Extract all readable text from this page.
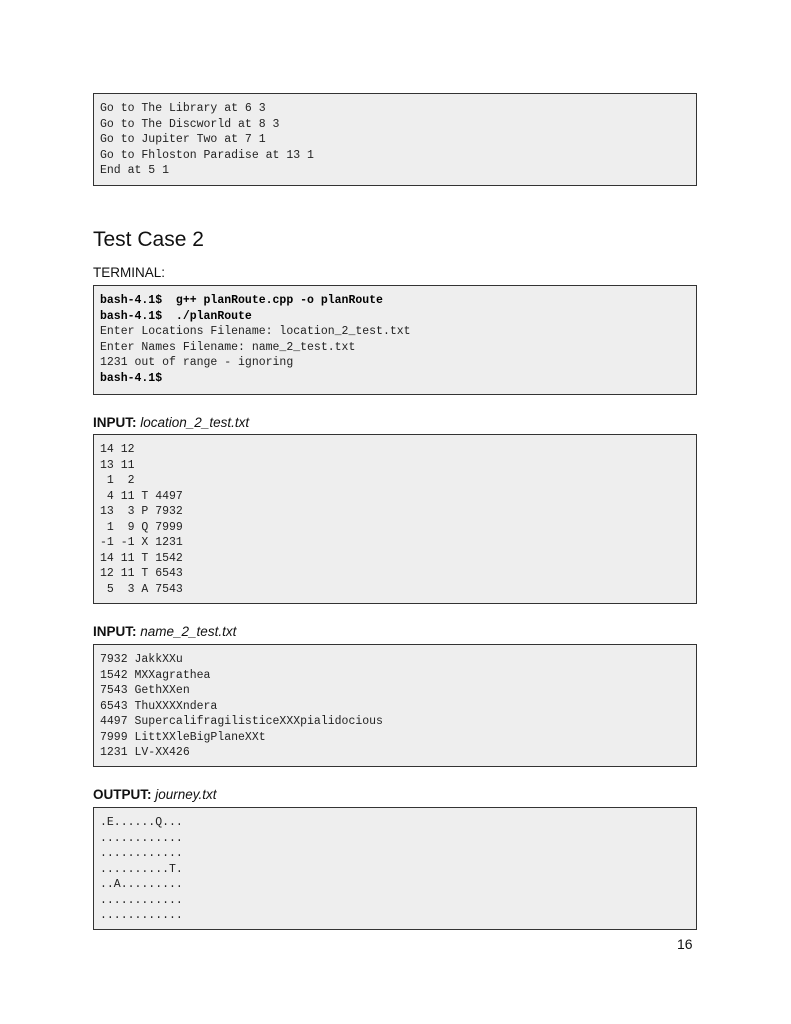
Go to The Library at 6 3
Go to The Discworld at 8 3
Go to Jupiter Two at 7 1
Go to Fhloston Paradise at 13 1
End at 5 1
Test Case 2
TERMINAL:
bash-4.1$  g++ planRoute.cpp -o planRoute
bash-4.1$  ./planRoute
Enter Locations Filename: location_2_test.txt
Enter Names Filename: name_2_test.txt
1231 out of range - ignoring
bash-4.1$
INPUT: location_2_test.txt
14 12
13 11
1  2
4 11 T 4497
13  3 P 7932
1  9 Q 7999
-1 -1 X 1231
14 11 T 1542
12 11 T 6543
5  3 A 7543
INPUT: name_2_test.txt
7932 JakkXXu
1542 MXXagrathea
7543 GethXXen
6543 ThuXXXXndera
4497 SupercalifragilisticeXXXpialidocious
7999 LittXXleBigPlaneXXt
1231 LV-XX426
OUTPUT: journey.txt
.E......Q...
............
............
..........T.
..A.........
............
............
16
